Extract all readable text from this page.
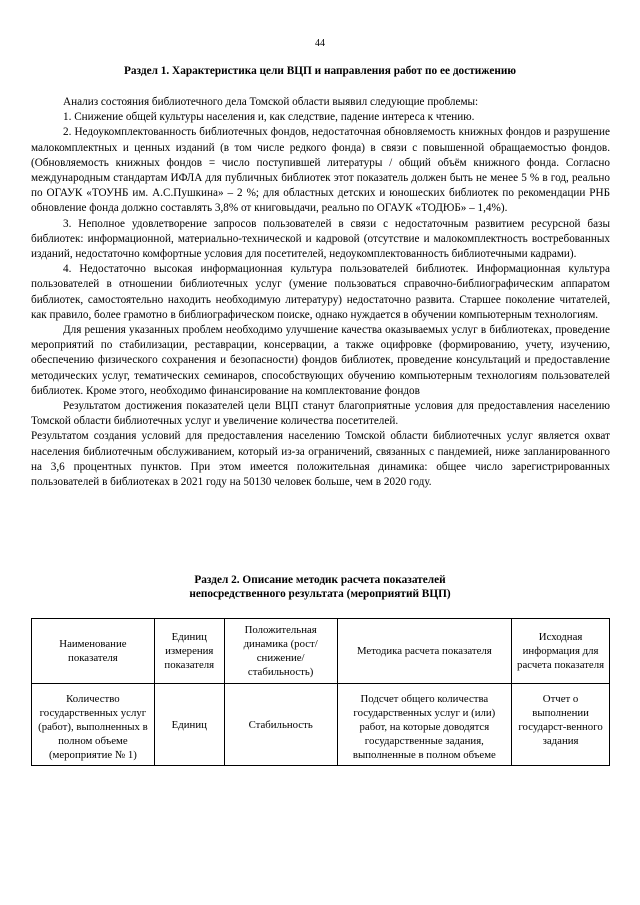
44

Раздел 1. Характеристика цели ВЦП и направления работ по ее достижению

Анализ состояния библиотечного дела Томской области выявил следующие проблемы:

1. Снижение общей культуры населения и, как следствие, падение интереса к чтению.

2. Недоукомплектованность библиотечных фондов, недостаточная обновляемость книжных фондов и разрушение малокомплектных и ценных изданий (в том числе редкого фонда) в связи с повышенной обращаемостью фондов. (Обновляемость книжных фондов = число поступившей литературы / общий объём книжного фонда. Согласно международным стандартам ИФЛА для публичных библиотек этот показатель должен быть не менее 5 % в год, реально по ОГАУК «ТОУНБ им. А.С.Пушкина» – 2 %; для областных детских и юношеских библиотек по рекомендации РНБ обновление фонда должно составлять 3,8% от книговыдачи, реально по ОГАУК «ТОДЮБ» – 1,4%).

3. Неполное удовлетворение запросов пользователей в связи с недостаточным развитием ресурсной базы библиотек: информационной, материально-технической и кадровой (отсутствие и малокомплектность востребованных изданий, недостаточно комфортные условия для посетителей, недоукомплектованность библиотечными кадрами).

4. Недостаточно высокая информационная культура пользователей библиотек. Информационная культура пользователей в отношении библиотечных услуг (умение пользоваться справочно-библиографическим аппаратом библиотек, самостоятельно находить необходимую литературу) недостаточно развита. Старшее поколение читателей, как правило, более грамотно в библиографическом поиске, однако нуждается в обучении компьютерным технологиям.

Для решения указанных проблем необходимо улучшение качества оказываемых услуг в библиотеках, проведение мероприятий по стабилизации, реставрации, консервации, а также оцифровке (формированию, учету, изучению, обеспечению физического сохранения и безопасности) фондов библиотек, проведение консультаций и предоставление методических услуг, тематических семинаров, способствующих обучению компьютерным технологиям пользователей библиотек. Кроме этого, необходимо финансирование на комплектование фондов

Результатом достижения показателей цели ВЦП станут благоприятные условия для предоставления населению Томской области библиотечных услуг и увеличение количества посетителей.

Результатом создания условий для предоставления населению Томской области библиотечных услуг является охват населения библиотечным обслуживанием, который из-за ограничений, связанных с пандемией, ниже запланированного на 3,6 процентных пунктов. При этом имеется положительная динамика: общее число зарегистрированных пользователей в библиотеках в 2021 году на 50130 человек больше, чем в 2020 году.

Раздел 2. Описание методик расчета показателей
непосредственного результата (мероприятий ВЦП)
Наименование показателя	Единиц измерения показателя	Положительная динамика (рост/снижение/ стабильность)	Методика расчета показателя	Исходная информация для расчета показателя
Количество государственных услуг (работ), выполненных в полном объеме (мероприятие № 1)	Единиц	Стабильность	Подсчет общего количества государственных услуг и (или) работ, на которые доводятся государственные задания, выполненные в полном объеме	Отчет о выполнении государст-венного задания
